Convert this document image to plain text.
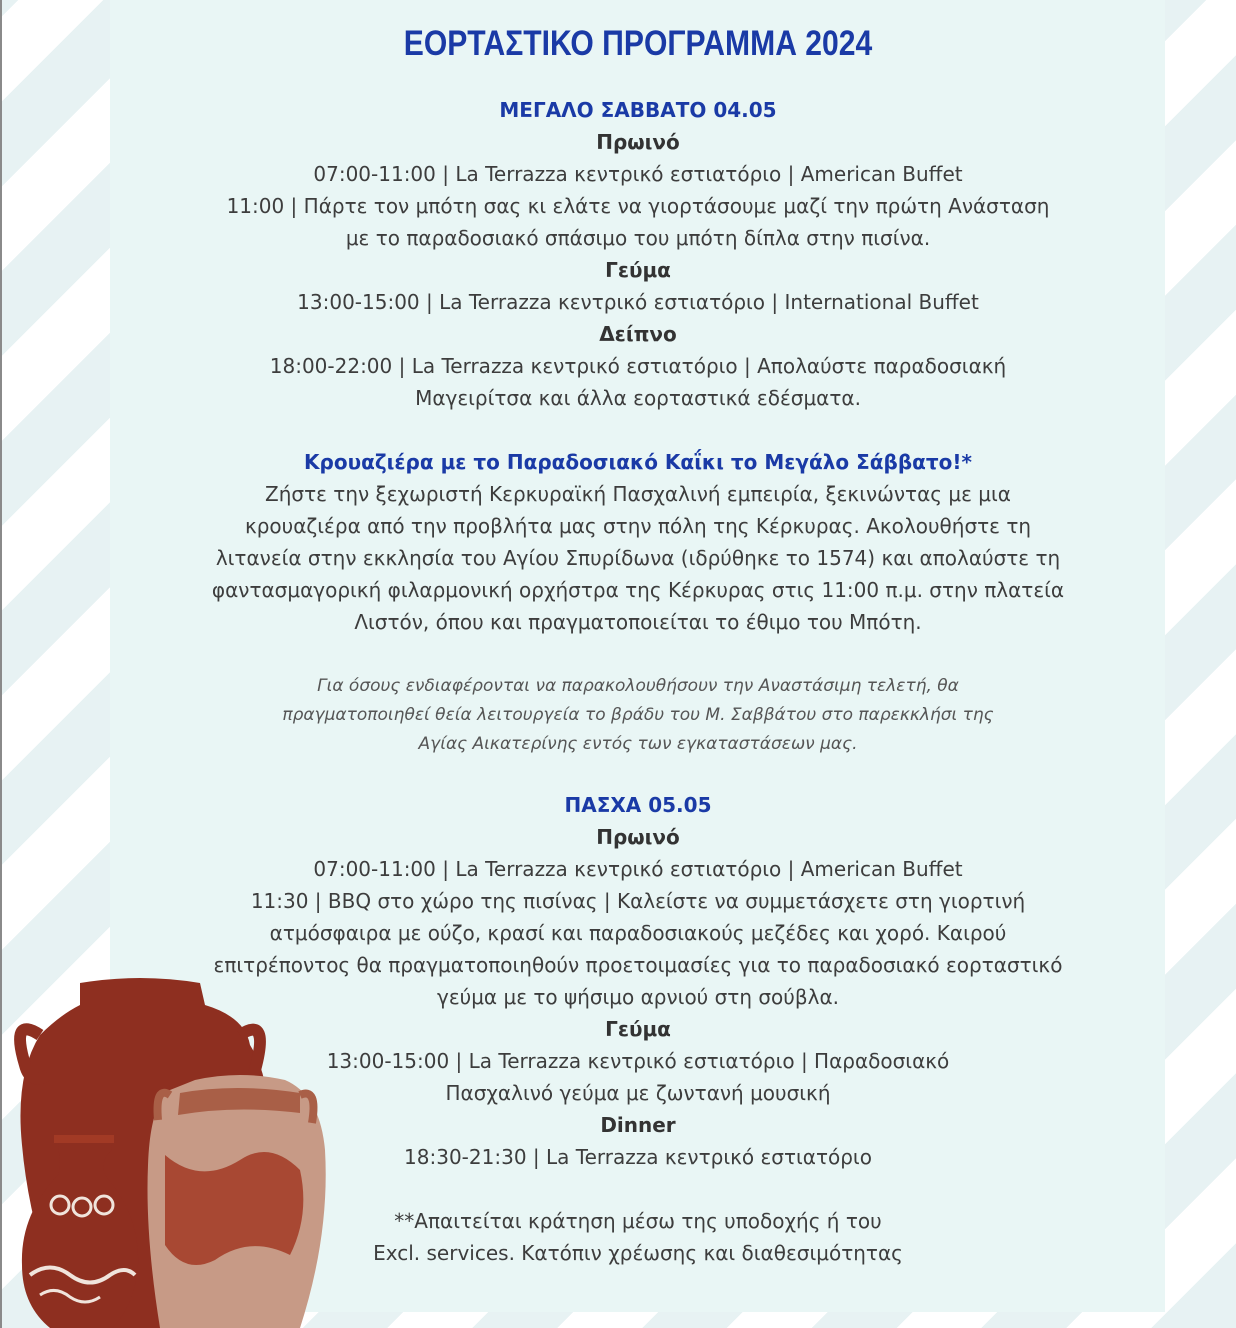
ΕΟΡΤΑΣΤΙΚΟ ΠΡΟΓΡΑΜΜΑ 2024
ΜΕΓΑΛΟ ΣΑΒΒΑΤΟ 04.05
Πρωινό
07:00-11:00 | La Terrazza κεντρικό εστιατόριο | American Buffet
11:00 | Πάρτε τον μπότη σας κι ελάτε να γιορτάσουμε μαζί την πρώτη Ανάσταση
με το παραδοσιακό σπάσιμο του μπότη δίπλα στην πισίνα.
Γεύμα
13:00-15:00 | La Terrazza κεντρικό εστιατόριο | International Buffet
Δείπνο
18:00-22:00 | La Terrazza κεντρικό εστιατόριο | Απολαύστε παραδοσιακή
Μαγειρίτσα και άλλα εορταστικά εδέσματα.
Κρουαζιέρα με το Παραδοσιακό Καΐκι το Μεγάλο Σάββατο!*
Ζήστε την ξεχωριστή Κερκυραϊκή Πασχαλινή εμπειρία, ξεκινώντας με μια
κρουαζιέρα από την προβλήτα μας στην πόλη της Κέρκυρας. Ακολουθήστε τη
λιτανεία στην εκκλησία του Αγίου Σπυρίδωνα (ιδρύθηκε το 1574) και απολαύστε τη
φαντασμαγορική φιλαρμονική ορχήστρα της Κέρκυρας στις 11:00 π.μ. στην πλατεία
Λιστόν, όπου και πραγματοποιείται το έθιμο του Μπότη.
Για όσους ενδιαφέρονται να παρακολουθήσουν την Αναστάσιμη τελετή, θα
πραγματοποιηθεί θεία λειτουργεία το βράδυ του Μ. Σαββάτου στο παρεκκλήσι της
Αγίας Αικατερίνης εντός των εγκαταστάσεων μας.
ΠΑΣΧΑ 05.05
Πρωινό
07:00-11:00 | La Terrazza κεντρικό εστιατόριο | American Buffet
11:30 | BBQ στο χώρο της πισίνας | Καλείστε να συμμετάσχετε στη γιορτινή
ατμόσφαιρα με ούζο, κρασί και παραδοσιακούς μεζέδες και χορό. Καιρού
επιτρέποντος θα πραγματοποιηθούν προετοιμασίες για το παραδοσιακό εορταστικό
γεύμα με το ψήσιμο αρνιού στη σούβλα.
Γεύμα
13:00-15:00 | La Terrazza κεντρικό εστιατόριο | Παραδοσιακό
Πασχαλινό γεύμα με ζωντανή μουσική
Dinner
18:30-21:30 | La Terrazza κεντρικό εστιατόριο
**Απαιτείται κράτηση μέσω της υποδοχής ή του
Excl. services. Κατόπιν χρέωσης και διαθεσιμότητας
